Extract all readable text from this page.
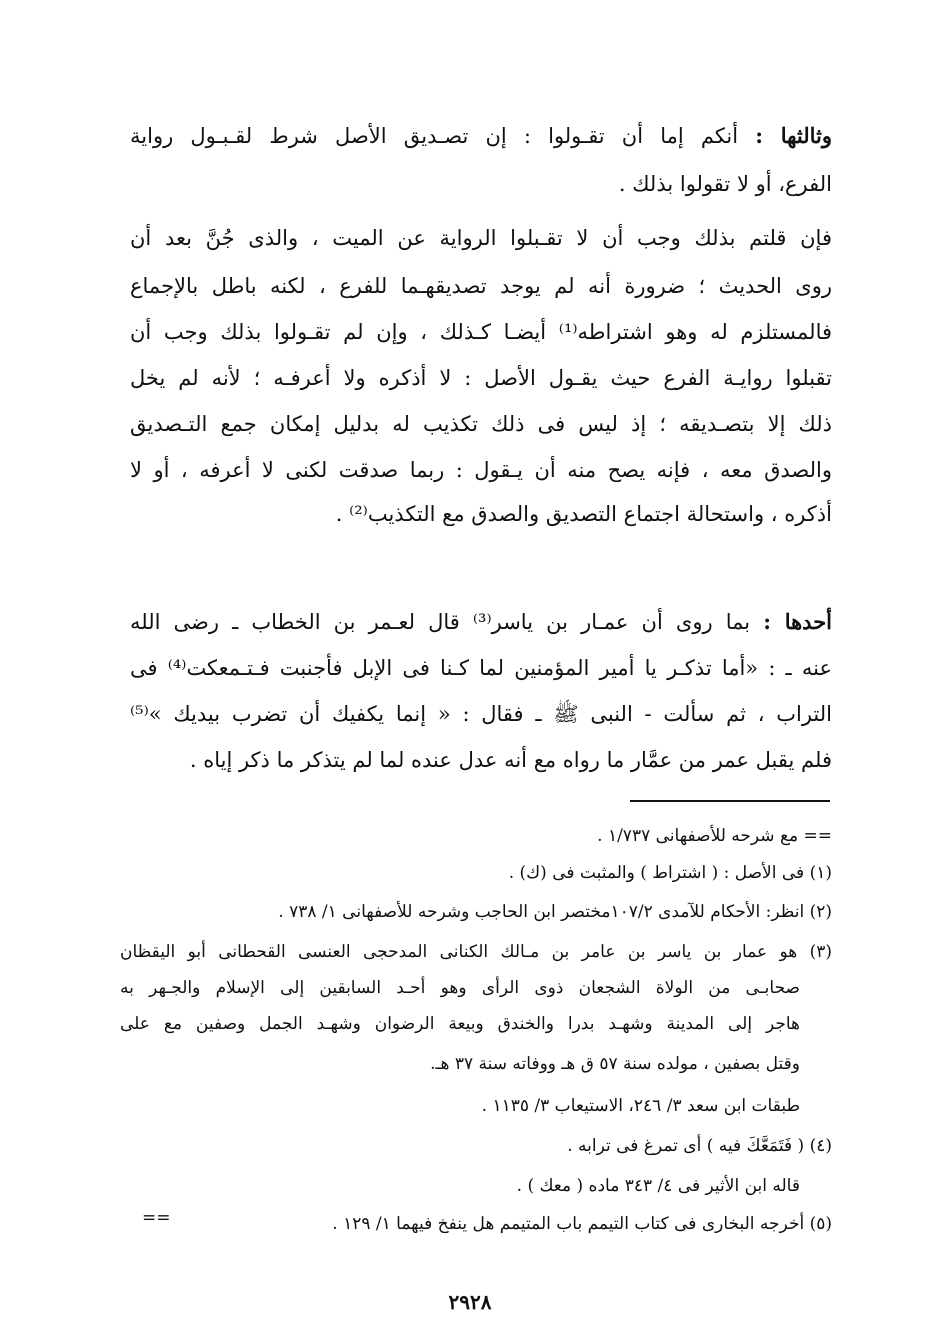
وثالثها : أنكم إما أن تقـولوا : إن تصـديق الأصل شرط لقـبـول رواية
الفرع، أو لا تقولوا بذلك .
فإن قلتم بذلك وجب أن لا تقـبلوا الرواية عن الميت ، والذى جُنَّ بعد أن
روى الحديث ؛ ضرورة أنه لم يوجد تصديقهـما للفرع ، لكنه باطل بالإجماع
فالمستلزم له وهو اشتراطه⁽¹⁾ أيضـا كـذلك ، وإن لم تقـولوا بذلك وجب أن
تقبلوا روايـة الفرع حيث يقـول الأصل : لا أذكره ولا أعرفـه ؛ لأنه لم يخل
ذلك إلا بتصـديقه ؛ إذ ليس فى ذلك تكذيب له بدليل إمكان جمع التـصديق
والصدق معه ، فإنه يصح منه أن يـقول : ربما صدقت لكنى لا أعرفه ، أو لا
أذكره ، واستحالة اجتماع التصديق والصدق مع التكذيب⁽²⁾ .
أحدها : بما روى أن عمـار بن ياسر⁽³⁾ قال لعـمر بن الخطاب ـ رضى الله
عنه ـ : «أما تذكـر يا أمير المؤمنين لما كـنا فى الإبل فأجنبت فـتـمعكت⁽⁴⁾ فى
التراب ، ثم سألت - النبى ﷺ ـ فقال : « إنما يكفيك أن تضرب بيديك »⁽⁵⁾
فلم يقبل عمر من عمَّار ما رواه مع أنه عدل عنده لما لم يتذكر ما ذكر إياه .
== مع شرحه للأصفهانى ١/٧٣٧ .
(١) فى الأصل : ( اشتراط ) والمثبت فى (ك) .
(٢) انظر: الأحكام للآمدى ١٠٧/٢مختصر ابن الحاجب وشرحه للأصفهانى ١/ ٧٣٨ .
(٣) هو عمار بن ياسر بن عامر بن مـالك الكنانى المدحجى العنسى القحطانى أبو اليقظان
صحابـى من الولاة الشجعان ذوى الرأى وهو أحـد السابقين إلى الإسلام والجـهر به
هاجر إلى المدينة وشهـد بدرا والخندق وبيعة الرضوان وشهـد الجمل وصفين مع على
وقتل بصفين ، مولده سنة ٥٧ ق هـ ووفاته سنة ٣٧ هـ.
طبقات ابن سعد ٣/ ٢٤٦، الاستيعاب ٣/ ١١٣٥ .
(٤) ( فَتَمَعَّكَ فيه ) أى تمرغ فى ترابه .
قاله ابن الأثير فى ٤/ ٣٤٣ ماده ( معك ) .
(٥) أخرجه البخارى فى كتاب التيمم باب المتيمم هل ينفخ فيهما ١/ ١٢٩ .
==
٢٩٢٨
